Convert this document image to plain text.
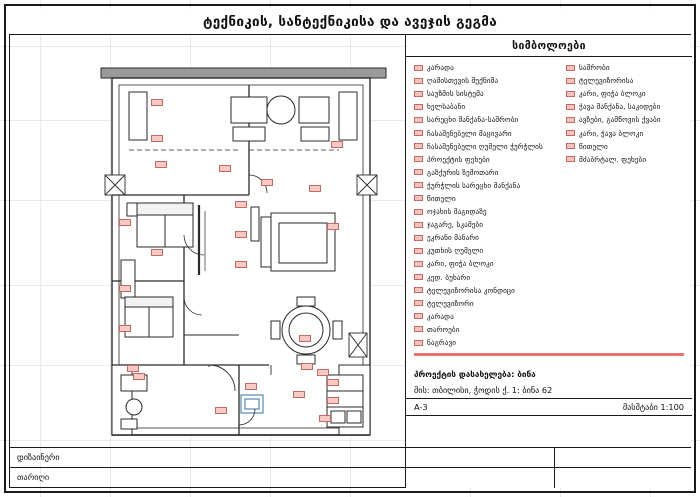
ტექნიკის, სანტექნიკისა და ავეჯის გეგმა
სიმბოლოები
კარადა
ღამისთევის შუქნიშა
საუზმის სისტემა
ხელსაბანი
სარეცხი მანქანა-საშრობი
ჩასაშენებელი მაცივარი
ჩასაშენებელი ღუმელი ჭურჭლის
პროექტის ფეხები
გაზქურის ზემოთარი
ჭურჭლის სარეცხი მანქანა
წითელი
ოჯახის მაგიდაზე
ჯაგარე, სკამები
ეკრანი მანარი
კუთხის ღუმელი
კარი, ფიჭა ბლოკი
კედ. ბუხარი
ტელევიზორისა კონდიცი
ტელევიზორი
კარადა
თაროები
ნაგრავი
საშრობი
ტელევიზორისა
კარი, ფიჭა ბლოკი
ჭავა მანქანა, საკიდები
ავზები, გამწოვის ქვაბი
კარი, ჭავა ბლოკი
წითელი
მძაბრტალ. ფეხები
პროექტის დასახელება: ბინა
მის: თბილისი, ჭოდის ქ. 1: ბინა 62
A-3	მასშტაბი 1:100
დიზაინერი
თარიღი
